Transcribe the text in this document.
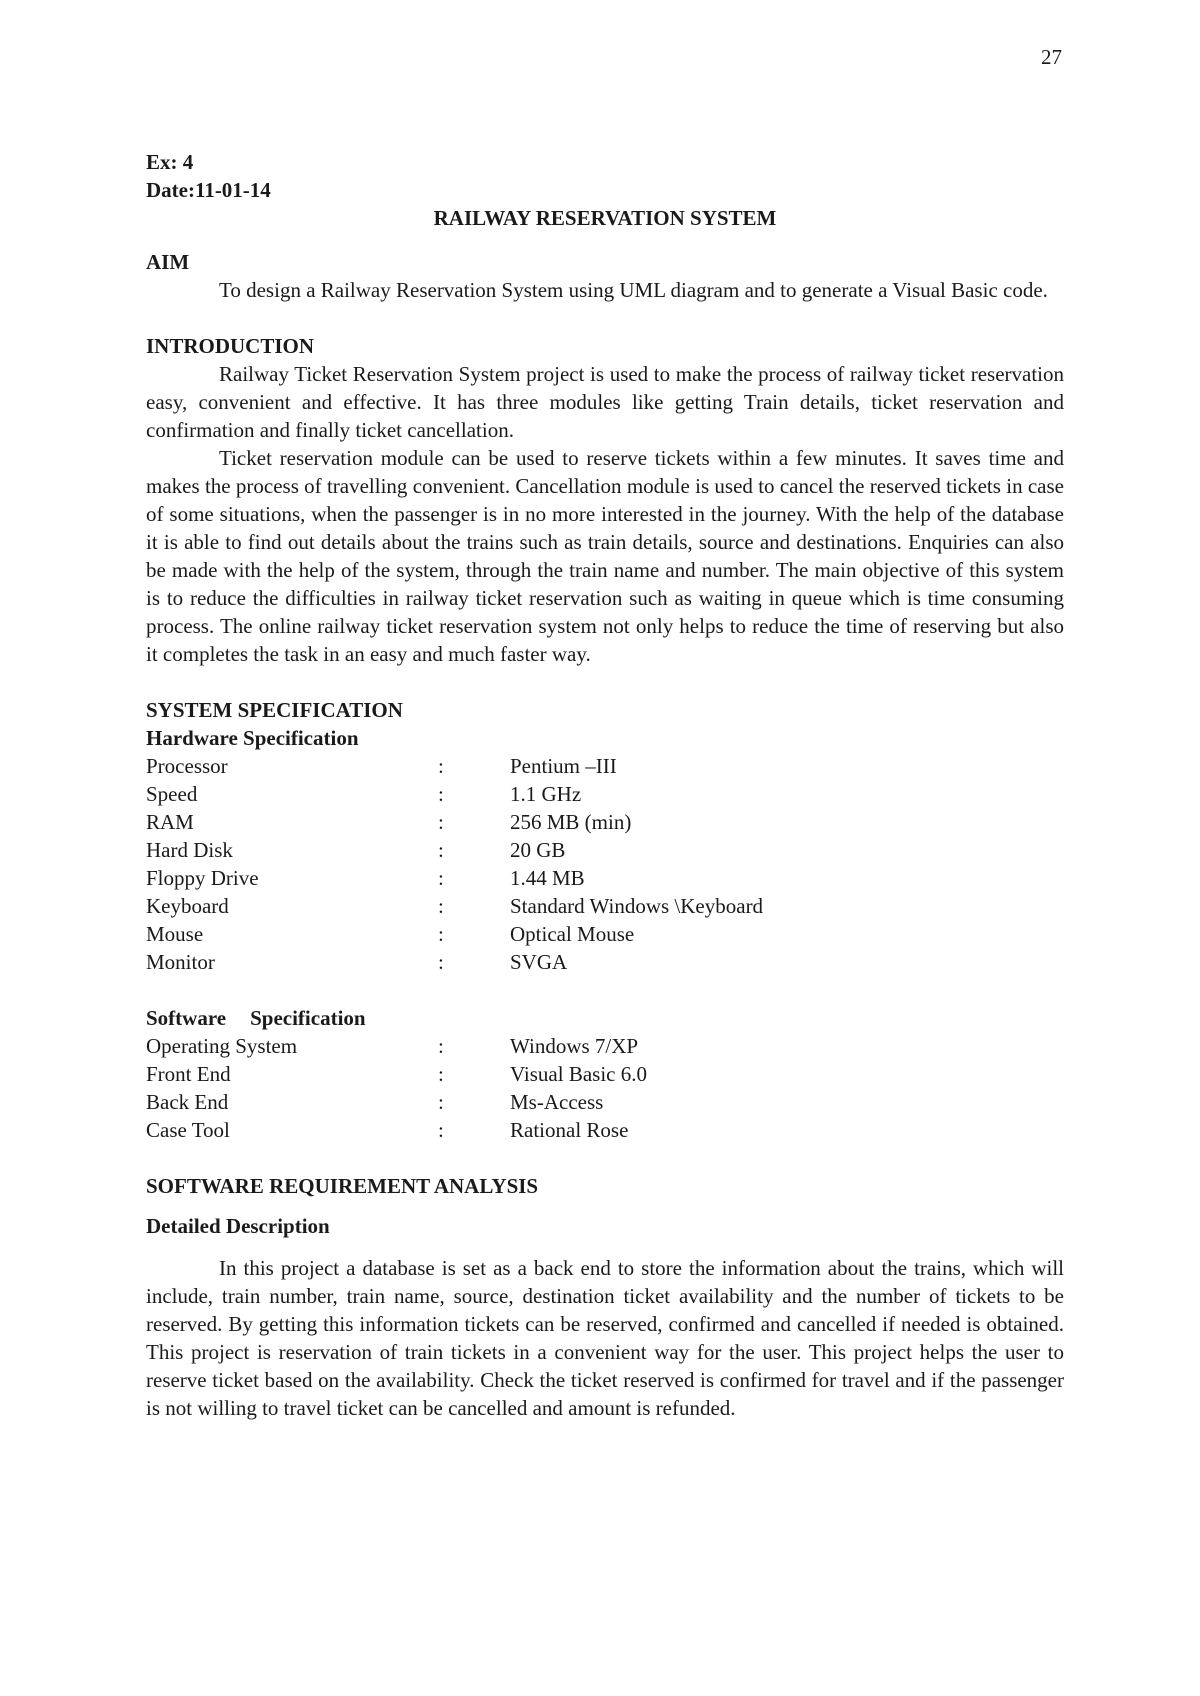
27

Ex: 4

Date:11-01-14

RAILWAY RESERVATION SYSTEM

AIM

To design a Railway Reservation System using UML diagram and to generate a Visual Basic code.

INTRODUCTION

Railway Ticket Reservation System project is used to make the process of railway ticket reservation easy, convenient and effective. It has three modules like getting Train details, ticket reservation and confirmation and finally ticket cancellation.

Ticket reservation module can be used to reserve tickets within a few minutes. It saves time and makes the process of travelling convenient. Cancellation module is used to cancel the reserved tickets in case of some situations, when the passenger is in no more interested in the journey. With the help of the database it is able to find out details about the trains such as train details, source and destinations. Enquiries can also be made with the help of the system, through the train name and number. The main objective of this system is to reduce the difficulties in railway ticket reservation such as waiting in queue which is time consuming process. The online railway ticket reservation system not only helps to reduce the time of reserving but also it completes the task in an easy and much faster way.

SYSTEM SPECIFICATION

Hardware Specification

Processor	:	Pentium –III
Speed	:	1.1 GHz
RAM	:	256 MB (min)
Hard Disk	:	20 GB
Floppy Drive	:	1.44 MB
Keyboard	:	Standard Windows \Keyboard
Mouse	:	Optical Mouse
Monitor	:	SVGA

Software Specification

Operating System	:	Windows 7/XP
Front End	:	Visual Basic 6.0
Back End	:	Ms-Access
Case Tool	:	Rational Rose

SOFTWARE REQUIREMENT ANALYSIS

Detailed Description

In this project a database is set as a back end to store the information about the trains, which will include, train number, train name, source, destination ticket availability and the number of tickets to be reserved. By getting this information tickets can be reserved, confirmed and cancelled if needed is obtained. This project is reservation of train tickets in a convenient way for the user. This project helps the user to reserve ticket based on the availability. Check the ticket reserved is confirmed for travel and if the passenger is not willing to travel ticket can be cancelled and amount is refunded.
